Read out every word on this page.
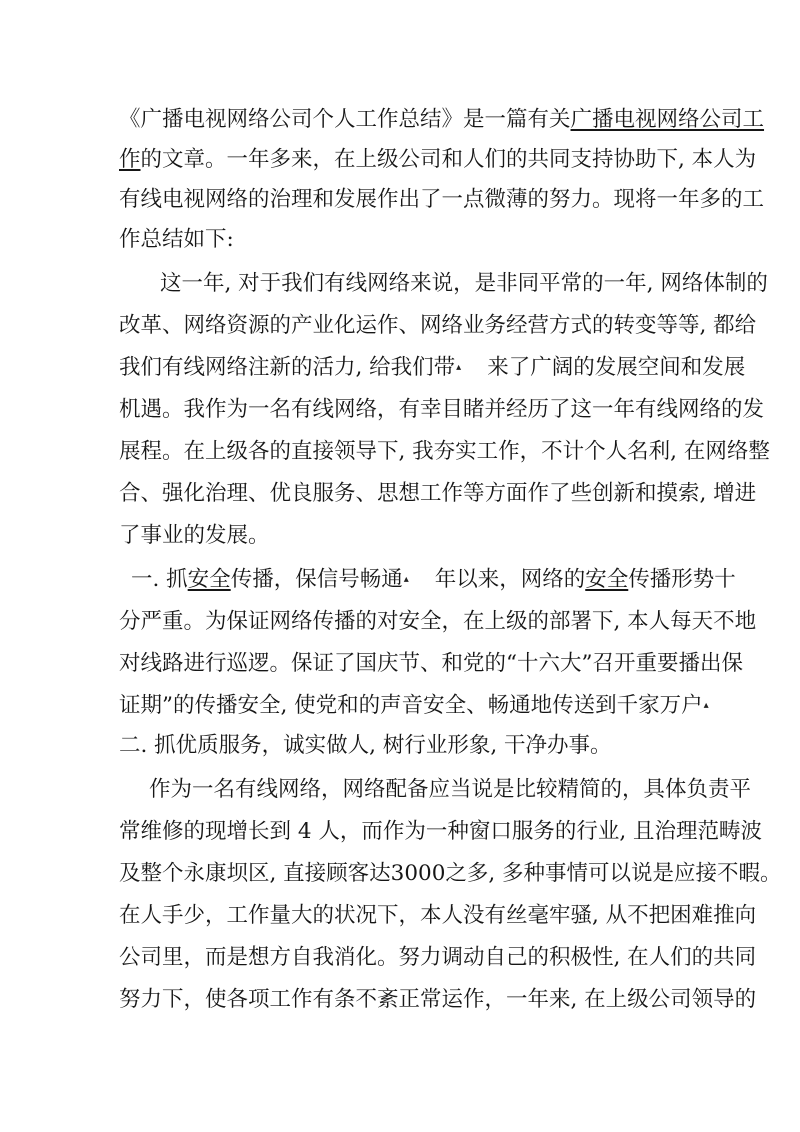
《广播电视网络公司个人工作总结》是一篇有关广播电视网络公司工
作的文章。一年多来，在上级公司和人们的共同支持协助下, 本人为
有线电视网络的治理和发展作出了一点微薄的努力。现将一年多的工
作总结如下:
这一年, 对于我们有线网络来说，是非同平常的一年, 网络体制的
改革、网络资源的产业化运作、网络业务经营方式的转变等等, 都给
我们有线网络注新的活力, 给我们带▴ 来了广阔的发展空间和发展
机遇。我作为一名有线网络，有幸目睹并经历了这一年有线网络的发
展程。在上级各的直接领导下, 我夯实工作，不计个人名利, 在网络整
合、强化治理、优良服务、思想工作等方面作了些创新和摸索, 增进
了事业的发展。
一. 抓安全传播，保信号畅通▴ 年以来，网络的安全传播形势十
分严重。为保证网络传播的对安全，在上级的部署下, 本人每天不地
对线路进行巡逻。保证了国庆节、和党的“十六大”召开重要播出保
证期”的传播安全, 使党和的声音安全、畅通地传送到千家万户▴
二. 抓优质服务，诚实做人, 树行业形象, 干净办事。
作为一名有线网络，网络配备应当说是比较精简的，具体负责平
常维修的现增长到 4 人，而作为一种窗口服务的行业, 且治理范畴波
及整个永康坝区, 直接顾客达3000之多, 多种事情可以说是应接不暇。
在人手少，工作量大的状况下，本人没有丝毫牢骚, 从不把困难推向
公司里，而是想方自我消化。努力调动自己的积极性, 在人们的共同
努力下，使各项工作有条不紊正常运作，一年来, 在上级公司领导的
